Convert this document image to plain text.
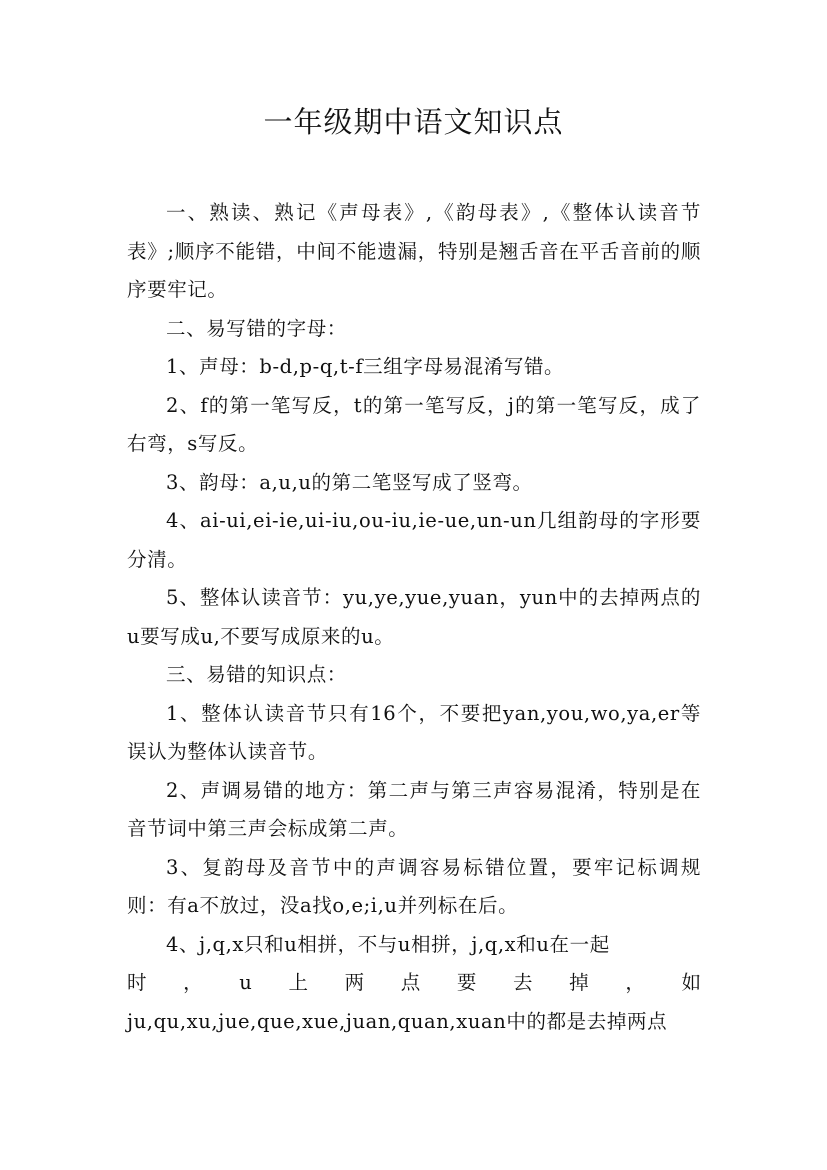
一年级期中语文知识点

一、熟读、熟记《声母表》,《韵母表》,《整体认读音节表》;顺序不能错，中间不能遗漏，特别是翘舌音在平舌音前的顺序要牢记。

二、易写错的字母：

1、声母：b-d,p-q,t-f三组字母易混淆写错。

2、f的第一笔写反，t的第一笔写反，j的第一笔写反，成了右弯，s写反。

3、韵母：a,u,u的第二笔竖写成了竖弯。

4、ai-ui,ei-ie,ui-iu,ou-iu,ie-ue,un-un几组韵母的字形要分清。

5、整体认读音节：yu,ye,yue,yuan，yun中的去掉两点的u要写成u,不要写成原来的u。

三、易错的知识点：

1、整体认读音节只有16个，不要把yan,you,wo,ya,er等误认为整体认读音节。

2、声调易错的地方：第二声与第三声容易混淆，特别是在音节词中第三声会标成第二声。

3、复韵母及音节中的声调容易标错位置，要牢记标调规则：有a不放过，没a找o,e;i,u并列标在后。

4、j,q,x只和u相拼，不与u相拼，j,q,x和u在一起

时 ， u 上 两 点 要 去 掉 ， 如

ju,qu,xu,jue,que,xue,juan,quan,xuan中的都是去掉两点
